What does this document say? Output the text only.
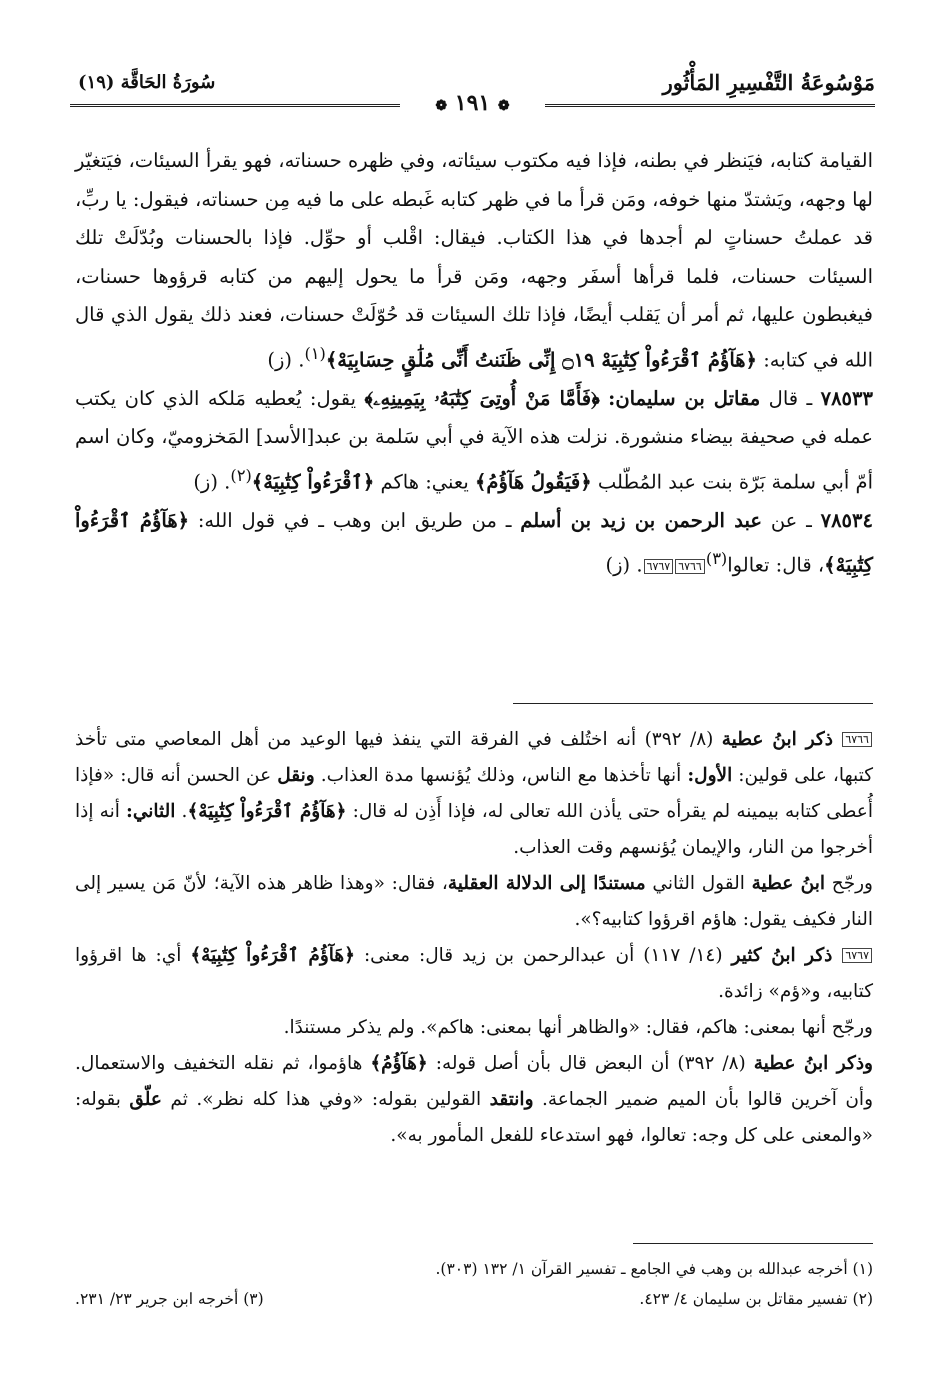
مَوْسُوعَةُ التَّفْسِيرِ المَأْثُور
سُورَةُ الحَاقَّة (١٩)
❁ ١٩١ ❁

القيامة كتابه، فيَنظر في بطنه، فإذا فيه مكتوب سيئاته، وفي ظهره حسناته، فهو يقرأ السيئات، فيَتغيّر لها وجهه، ويَشتدّ منها خوفه، ومَن قرأ ما في ظهر كتابه غَبطه على ما فيه مِن حسناته، فيقول: يا ربِّ، قد عملتُ حسناتٍ لم أجدها في هذا الكتاب. فيقال: اقْلب أو حوِّل. فإذا بالحسنات وبُدّلَتْ تلك السيئات حسنات، فلما قرأها أسفَر وجهه، ومَن قرأ ما يحول إليهم من كتابه قرؤوها حسنات، فيغبطون عليها، ثم أمر أن يَقلب أيضًا، فإذا تلك السيئات قد حُوّلَتْ حسنات، فعند ذلك يقول الذي قال الله في كتابه: ﴿هَآؤُمُ ٱقْرَءُواْ كِتَٰبِيَهْ ۝١٩ إِنِّى ظَنَنتُ أَنِّى مُلَٰقٍ حِسَابِيَهْ﴾$^{(١)}$. (ز)

٧٨٥٣٣ ـ قال مقاتل بن سليمان: ﴿فَأَمَّا مَنْ أُوتِىَ كِتَٰبَهُۥ بِيَمِينِهِۦ﴾ يقول: يُعطيه مَلكه الذي كان يكتب عمله في صحيفة بيضاء منشورة. نزلت هذه الآية في أبي سَلمة بن عبد[الأسد] المَخزوميّ، وكان اسم أمّ أبي سلمة بَرّة بنت عبد المُطّلب ﴿فَيَقُولُ هَآؤُمُ﴾ يعني: هاكم ﴿ٱقْرَءُواْ كِتَٰبِيَهْ﴾$^{(٢)}$. (ز)

٧٨٥٣٤ ـ عن عبد الرحمن بن زيد بن أسلم ـ من طريق ابن وهب ـ في قول الله: ﴿هَآؤُمُ ٱقْرَءُواْ كِتَٰبِيَهْ﴾، قال: تعالوا$^{(٣)}$٦٧٦٦٦٧٦٧. (ز)

٦٧٦٦ ذكر ابنُ عطية (٨/ ٣٩٢) أنه اختُلف في الفرقة التي ينفذ فيها الوعيد من أهل المعاصي متى تأخذ كتبها، على قولين: الأول: أنها تأخذها مع الناس، وذلك يُؤنسها مدة العذاب. ونقل عن الحسن أنه قال: «فإذا أُعطى كتابه بيمينه لم يقرأه حتى يأذن الله تعالى له، فإذا أَذِن له قال: ﴿هَآؤُمُ ٱقْرَءُواْ كِتَٰبِيَهْ﴾. الثاني: أنه إذا أخرجوا من النار، والإيمان يُؤنسهم وقت العذاب.

ورجّح ابنُ عطية القول الثاني مستندًا إلى الدلالة العقلية، فقال: «وهذا ظاهر هذه الآية؛ لأنّ مَن يسير إلى النار فكيف يقول: هاؤم اقرؤوا كتابيه؟».

٦٧٦٧ ذكر ابنُ كثير (١٤/ ١١٧) أن عبدالرحمن بن زيد قال: معنى: ﴿هَآؤُمُ ٱقْرَءُواْ كِتَٰبِيَهْ﴾ أي: ها اقرؤوا كتابيه، و«ؤم» زائدة.

ورجّح أنها بمعنى: هاكم، فقال: «والظاهر أنها بمعنى: هاكم». ولم يذكر مستندًا.

وذكر ابنُ عطية (٨/ ٣٩٢) أن البعض قال بأن أصل قوله: ﴿هَآؤُمُ﴾ هاؤموا، ثم نقله التخفيف والاستعمال. وأن آخرين قالوا بأن الميم ضمير الجماعة. وانتقد القولين بقوله: «وفي هذا كله نظر». ثم علّق بقوله: «والمعنى على كل وجه: تعالوا، فهو استدعاء للفعل المأمور به».

(١) أخرجه عبدالله بن وهب في الجامع ـ تفسير القرآن ١/ ١٣٢ (٣٠٣).

(٢) تفسير مقاتل بن سليمان ٤/ ٤٢٣.
(٣) أخرجه ابن جرير ٢٣/ ٢٣١.
